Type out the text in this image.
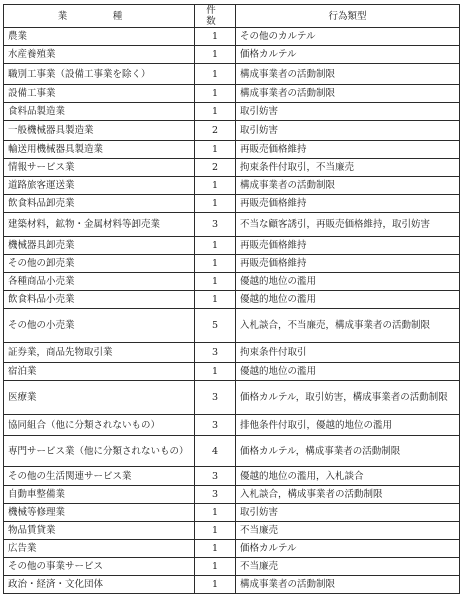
業　種	件　数	行為類型
農業	1	その他のカルテル
水産養殖業	1	価格カルテル
職別工事業（設備工事業を除く）	1	構成事業者の活動制限
設備工事業	1	構成事業者の活動制限
食料品製造業	1	取引妨害
一般機械器具製造業	2	取引妨害
輸送用機械器具製造業	1	再販売価格維持
情報サービス業	2	拘束条件付取引，不当廉売
道路旅客運送業	1	構成事業者の活動制限
飲食料品卸売業	1	再販売価格維持
建築材料，鉱物・金属材料等卸売業	3	不当な顧客誘引，再販売価格維持，取引妨害
機械器具卸売業	1	再販売価格維持
その他の卸売業	1	再販売価格維持
各種商品小売業	1	優越的地位の濫用
飲食料品小売業	1	優越的地位の濫用
その他の小売業	5	入札談合，不当廉売，構成事業者の活動制限
証券業，商品先物取引業	3	拘束条件付取引
宿泊業	1	優越的地位の濫用
医療業	3	価格カルテル，取引妨害，構成事業者の活動制限
協同組合（他に分類されないもの）	3	排他条件付取引，優越的地位の濫用
専門サービス業（他に分類されないもの）	4	価格カルテル，構成事業者の活動制限
その他の生活関連サービス業	3	優越的地位の濫用，入札談合
自動車整備業	3	入札談合，構成事業者の活動制限
機械等修理業	1	取引妨害
物品賃貸業	1	不当廉売
広告業	1	価格カルテル
その他の事業サービス	1	不当廉売
政治・経済・文化団体	1	構成事業者の活動制限
